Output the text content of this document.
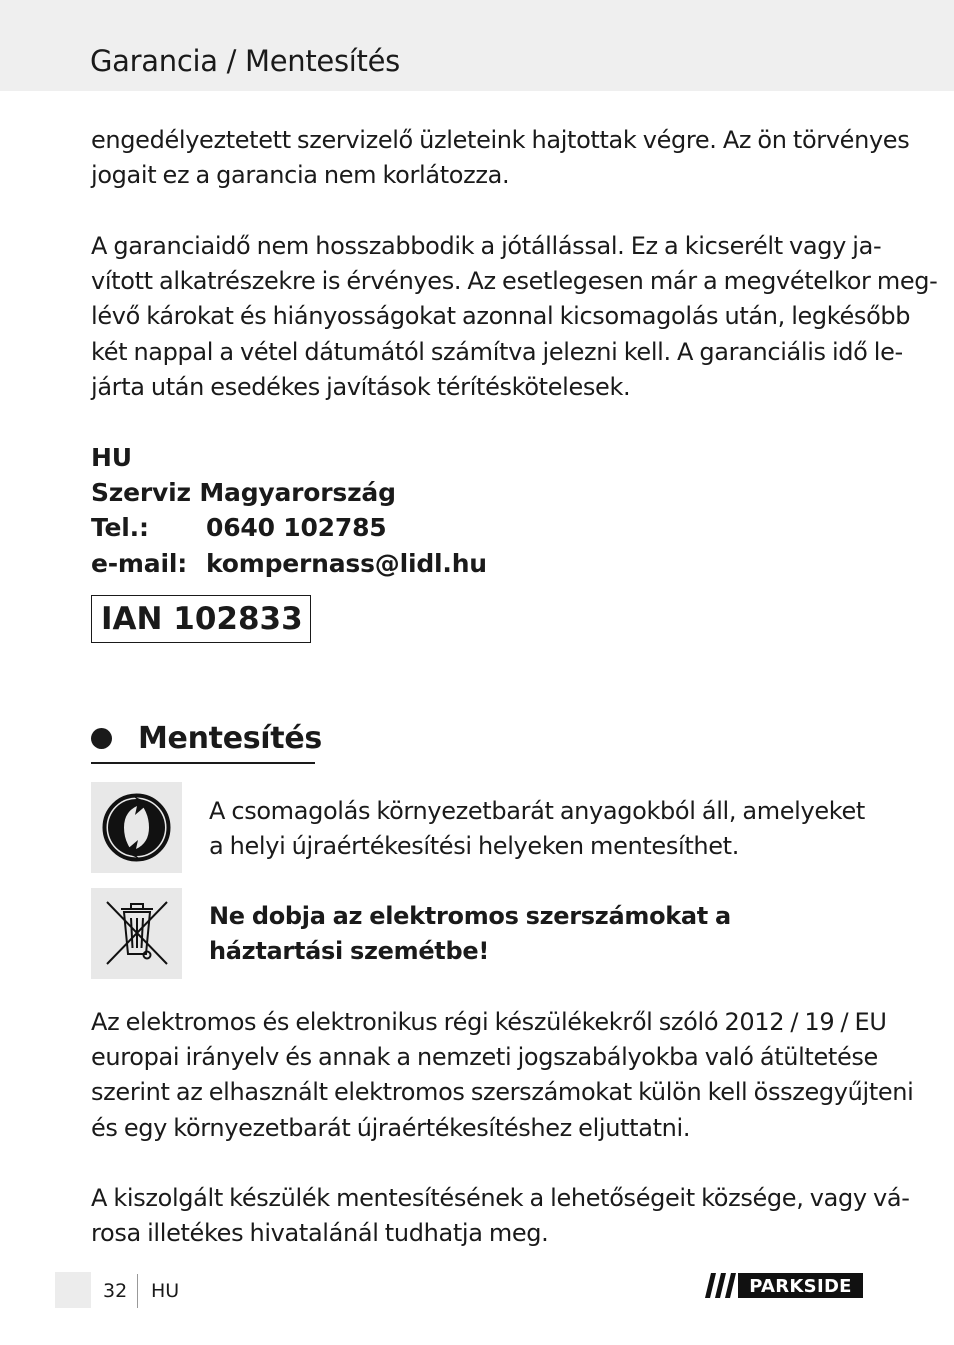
Garancia / Mentesítés
engedélyeztetett szervizelő üzleteink hajtottak végre. Az ön törvényes
jogait ez a garancia nem korlátozza.
A garanciaidő nem hosszabbodik a jótállással. Ez a kicserélt vagy ja-
vított alkatrészekre is érvényes. Az esetlegesen már a megvételkor meg-
lévő károkat és hiányosságokat azonnal kicsomagolás után, legkésőbb
két nappal a vétel dátumától számítva jelezni kell. A garanciális idő le-
járta után esedékes javítások térítéskötelesek.
HU
Szerviz Magyarország
Tel.: 0640 102785
e-mail: kompernass@lidl.hu
IAN 102833
Mentesítés
A csomagolás környezetbarát anyagokból áll, amelyeket
a helyi újraértékesítési helyeken mentesíthet.
Ne dobja az elektromos szerszámokat a
háztartási szemétbe!
Az elektromos és elektronikus régi készülékekről szóló 2012 / 19 / EU
europai irányelv és annak a nemzeti jogszabályokba való átültetése
szerint az elhasznált elektromos szerszámokat külön kell összegyűjteni
és egy környezetbarát újraértékesítéshez eljuttatni.
A kiszolgált készülék mentesítésének a lehetőségeit községe, vagy vá-
rosa illetékes hivatalánál tudhatja meg.
32 HU	PARKSIDE
